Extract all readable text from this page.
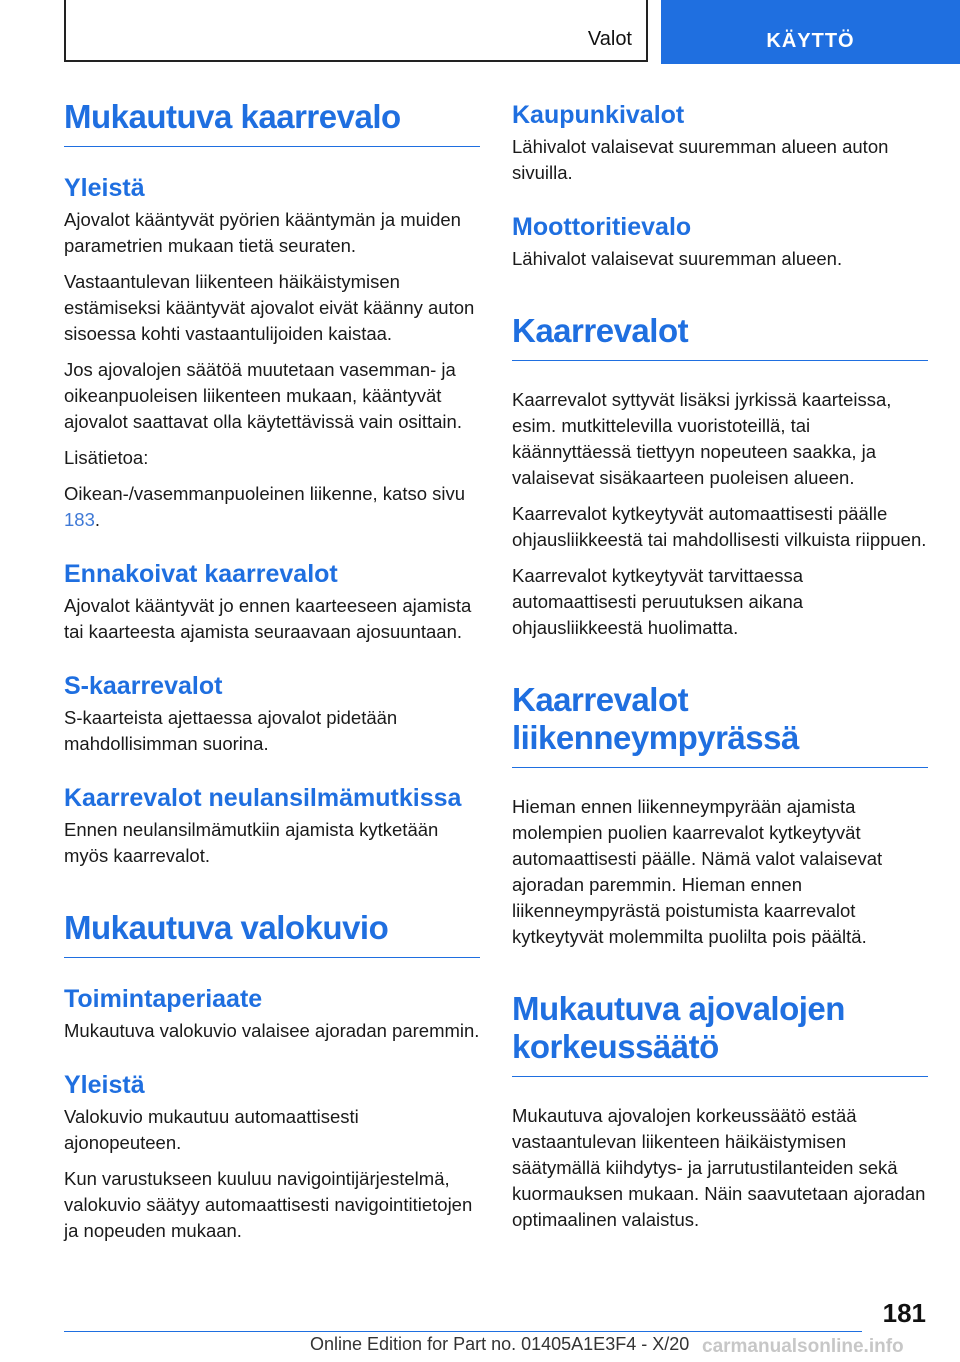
Valot	KÄYTTÖ
Mukautuva kaarrevalo
Yleistä

Ajovalot kääntyvät pyörien kääntymän ja muiden parametrien mukaan tietä seuraten.

Vastaantulevan liikenteen häikäistymisen estämiseksi kääntyvät ajovalot eivät käänny auton sisoessa kohti vastaantulijoiden kaistaa.

Jos ajovalojen säätöä muutetaan vasemman- ja oikeanpuoleisen liikenteen mukaan, kääntyvät ajovalot saattavat olla käytettävissä vain osittain.

Lisätietoa:

Oikean-/vasemmanpuoleinen liikenne, katso sivu 183.

Ennakoivat kaarrevalot

Ajovalot kääntyvät jo ennen kaarteeseen ajamista tai kaarteesta ajamista seuraavaan ajosuuntaan.

S-kaarrevalot

S-kaarteista ajettaessa ajovalot pidetään mahdollisimman suorina.

Kaarrevalot neulansilmämutkissa

Ennen neulansilmämutkiin ajamista kytketään myös kaarrevalot.

Mukautuva valokuvio
Toimintaperiaate

Mukautuva valokuvio valaisee ajoradan paremmin.

Yleistä

Valokuvio mukautuu automaattisesti ajonopeuteen.

Kun varustukseen kuuluu navigointijärjestelmä, valokuvio säätyy automaattisesti navigointitietojen ja nopeuden mukaan.

Kaupunkivalot

Lähivalot valaisevat suuremman alueen auton sivuilla.

Moottoritievalo

Lähivalot valaisevat suuremman alueen.

Kaarrevalot

Kaarrevalot syttyvät lisäksi jyrkissä kaarteissa, esim. mutkittelevilla vuoristoteillä, tai käännyttäessä tiettyyn nopeuteen saakka, ja valaisevat sisäkaarteen puoleisen alueen.

Kaarrevalot kytkeytyvät automaattisesti päälle ohjausliikkeestä tai mahdollisesti vilkuista riippuen.

Kaarrevalot kytkeytyvät tarvittaessa automaattisesti peruutuksen aikana ohjausliikkeestä huolimatta.

Kaarrevalot
liikenneympyrässä

Hieman ennen liikenneympyrään ajamista molempien puolien kaarrevalot kytkeytyvät automaattisesti päälle. Nämä valot valaisevat ajoradan paremmin. Hieman ennen liikenneympyrästä poistumista kaarrevalot kytkeytyvät molemmilta puolilta pois päältä.

Mukautuva ajovalojen
korkeussäätö

Mukautuva ajovalojen korkeussäätö estää vastaantulevan liikenteen häikäistymisen säätymällä kiihdytys- ja jarrutustilanteiden sekä kuormauksen mukaan. Näin saavutetaan ajoradan optimaalinen valaistus.

181
Online Edition for Part no. 01405A1E3F4 - X/20 carmanualsonline.info
